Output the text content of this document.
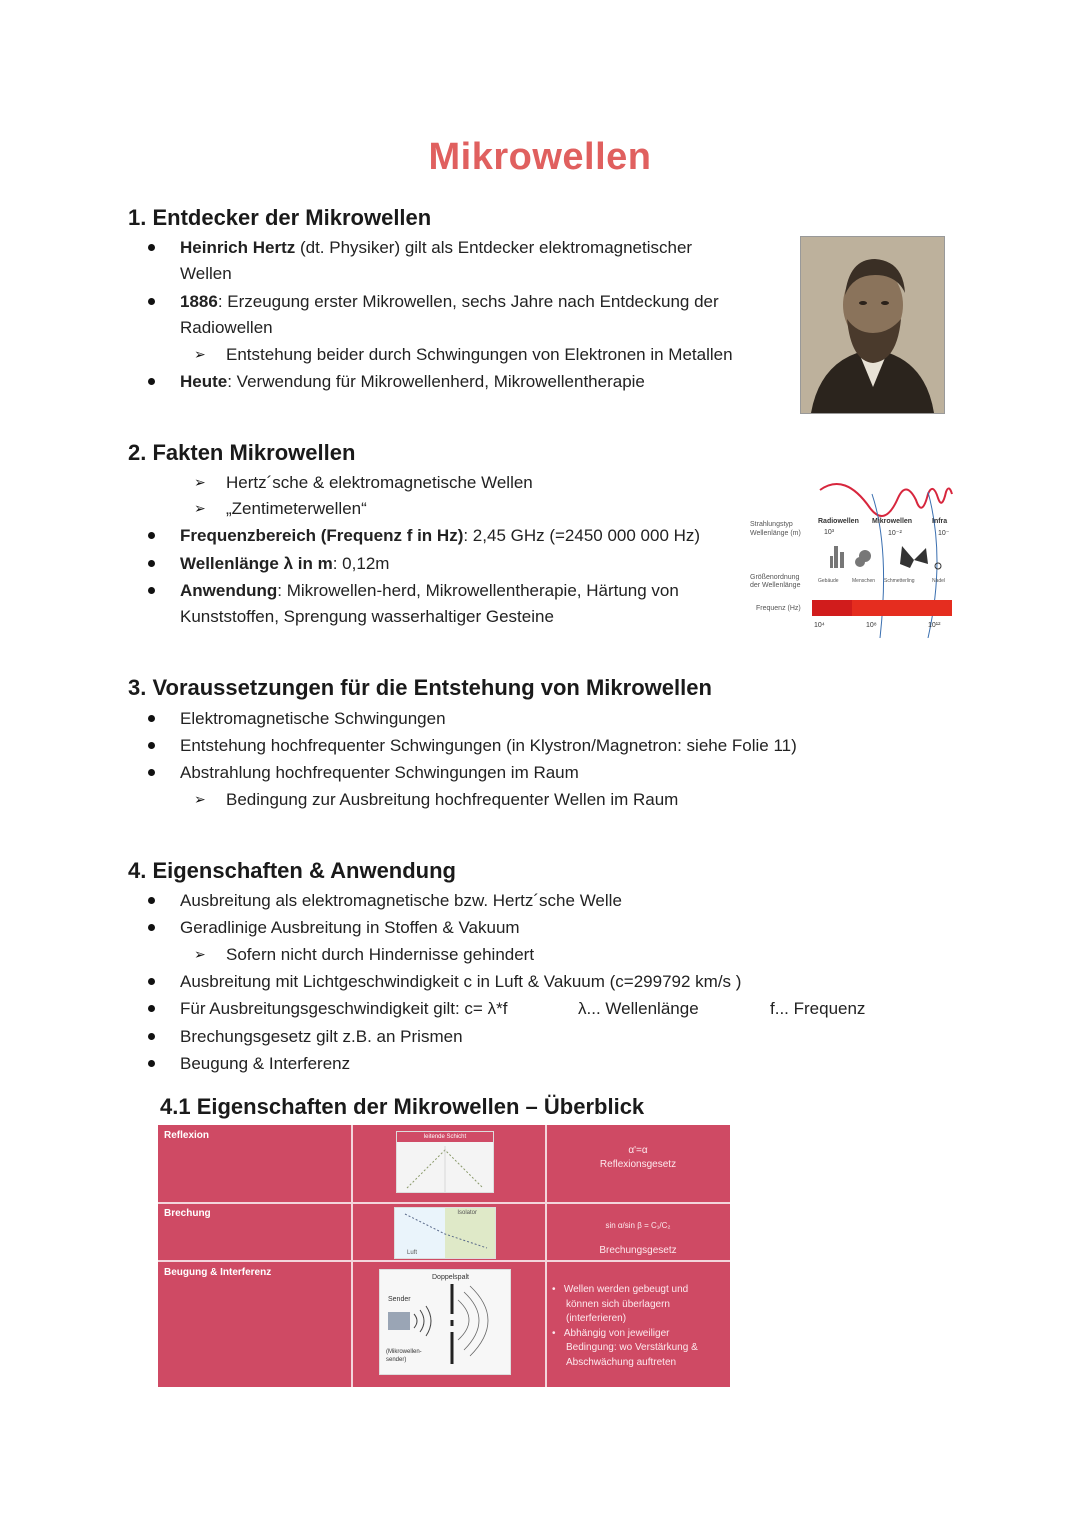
Mikrowellen
1. Entdecker der Mikrowellen
Heinrich Hertz (dt. Physiker) gilt als Entdecker elektromagnetischer
Wellen
1886: Erzeugung erster Mikrowellen, sechs Jahre nach Entdeckung der
Radiowellen
➢ Entstehung beider durch Schwingungen von Elektronen in Metallen
Heute: Verwendung für Mikrowellenherd, Mikrowellentherapie
2. Fakten Mikrowellen
➢ Hertz´sche & elektromagnetische Wellen
➢ „Zentimeterwellen“
Frequenzbereich (Frequenz f in Hz): 2,45 GHz (=2450 000 000 Hz)
Wellenlänge λ in m: 0,12m
Anwendung: Mikrowellen-herd, Mikrowellentherapie, Härtung von
Kunststoffen, Sprengung wasserhaltiger Gesteine
Strahlungstyp
Wellenlänge (m)
Größenordnung
der Wellenlänge
Frequenz (Hz)
Radiowellen Mikrowellen	Infra
10³	10⁻²	10⁻
Gebäude	Menschen Schmetterling	Nadel
10⁴	10⁸	10¹²
3. Voraussetzungen für die Entstehung von Mikrowellen
Elektromagnetische Schwingungen
Entstehung hochfrequenter Schwingungen (in Klystron/Magnetron: siehe Folie 11)
Abstrahlung hochfrequenter Schwingungen im Raum
➢ Bedingung zur Ausbreitung hochfrequenter Wellen im Raum
4. Eigenschaften & Anwendung
Ausbreitung als elektromagnetische bzw. Hertz´sche Welle
Geradlinige Ausbreitung in Stoffen & Vakuum
➢ Sofern nicht durch Hindernisse gehindert
Ausbreitung mit Lichtgeschwindigkeit c in Luft & Vakuum (c=299792 km/s )
Für Ausbreitungsgeschwindigkeit gilt: c= λ*f	λ... Wellenlänge	f... Frequenz
Brechungsgesetz gilt z.B. an Prismen
Beugung & Interferenz
4.1 Eigenschaften der Mikrowellen – Überblick
Reflexion	leitende Schicht
α'=α
Reflexionsgesetz
Brechung	Isolator
Luft
sin α/sin β = C₁/C₂
Brechungsgesetz
Beugung & Interferenz	Doppelspalt
Sender
(Mikrowellen-
sender)
•   Wellen werden gebeugt und
können sich überlagern
(interferieren)
•   Abhängig von jeweiliger
Bedingung: wo Verstärkung &
Abschwächung auftreten
